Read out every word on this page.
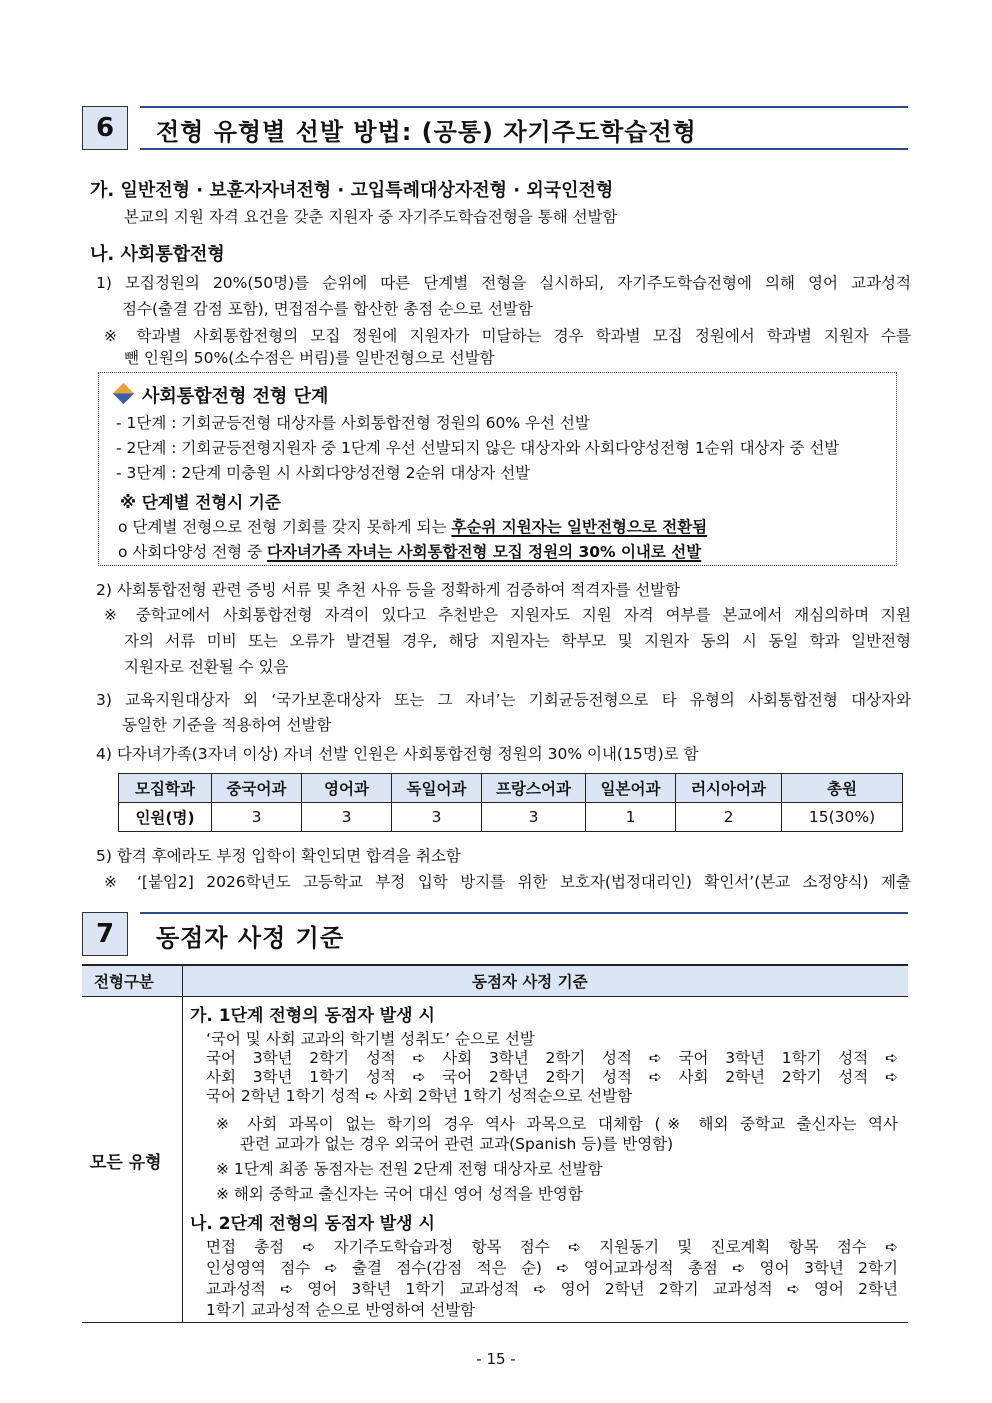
6	전형 유형별 선발 방법: (공통) 자기주도학습전형
가. 일반전형 · 보훈자자녀전형 · 고입특례대상자전형 · 외국인전형
본교의 지원 자격 요건을 갖춘 지원자 중 자기주도학습전형을 통해 선발함
나. 사회통합전형
1) 모집정원의 20%(50명)를 순위에 따른 단계별 전형을 실시하되, 자기주도학습전형에 의해 영어 교과성적
점수(출결 감점 포함), 면접점수를 합산한 총점 순으로 선발함
※ 학과별 사회통합전형의 모집 정원에 지원자가 미달하는 경우 학과별 모집 정원에서 학과별 지원자 수를
뺀 인원의 50%(소수점은 버림)를 일반전형으로 선발함
사회통합전형 전형 단계
- 1단계 : 기회균등전형 대상자를 사회통합전형 정원의 60% 우선 선발
- 2단계 : 기회균등전형지원자 중 1단계 우선 선발되지 않은 대상자와 사회다양성전형 1순위 대상자 중 선발
- 3단계 : 2단계 미충원 시 사회다양성전형 2순위 대상자 선발
※ 단계별 전형시 기준
o 단계별 전형으로 전형 기회를 갖지 못하게 되는 후순위 지원자는 일반전형으로 전환됨
o 사회다양성 전형 중 다자녀가족 자녀는 사회통합전형 모집 정원의 30% 이내로 선발
2) 사회통합전형 관련 증빙 서류 및 추천 사유 등을 정확하게 검증하여 적격자를 선발함
※ 중학교에서 사회통합전형 자격이 있다고 추천받은 지원자도 지원 자격 여부를 본교에서 재심의하며 지원
자의 서류 미비 또는 오류가 발견될 경우, 해당 지원자는 학부모 및 지원자 동의 시 동일 학과 일반전형
지원자로 전환될 수 있음
3) 교육지원대상자 외 ‘국가보훈대상자 또는 그 자녀’는 기회균등전형으로 타 유형의 사회통합전형 대상자와
동일한 기준을 적용하여 선발함
4) 다자녀가족(3자녀 이상) 자녀 선발 인원은 사회통합전형 정원의 30% 이내(15명)로 함
모집학과	중국어과	영어과	독일어과	프랑스어과	일본어과	러시아어과	총원
인원(명)	3	3	3	3	1	2	15(30%)
5) 합격 후에라도 부정 입학이 확인되면 합격을 취소함
※ ‘[붙임2] 2026학년도 고등학교 부정 입학 방지를 위한 보호자(법정대리인) 확인서’(본교 소정양식) 제출
7	동점자 사정 기준
전형구분	동점자 사정 기준
모든 유형
가. 1단계 전형의 동점자 발생 시
‘국어 및 사회 교과의 학기별 성취도’ 순으로 선발
국어 3학년 2학기 성적 ➪ 사회 3학년 2학기 성적 ➪ 국어 3학년 1학기 성적 ➪
사회 3학년 1학기 성적 ➪ 국어 2학년 2학기 성적 ➪ 사회 2학년 2학기 성적 ➪
국어 2학년 1학기 성적 ➪ 사회 2학년 1학기 성적순으로 선발함
※ 사회 과목이 없는 학기의 경우 역사 과목으로 대체함 (※ 해외 중학교 출신자는 역사
관련 교과가 없는 경우 외국어 관련 교과(Spanish 등)를 반영함)
※ 1단계 최종 동점자는 전원 2단계 전형 대상자로 선발함
※ 해외 중학교 출신자는 국어 대신 영어 성적을 반영함
나. 2단계 전형의 동점자 발생 시
면접 총점 ➪ 자기주도학습과정 항목 점수 ➪ 지원동기 및 진로계획 항목 점수 ➪
인성영역 점수 ➪ 출결 점수(감점 적은 순) ➪ 영어교과성적 총점 ➪ 영어 3학년 2학기
교과성적 ➪ 영어 3학년 1학기 교과성적 ➪ 영어 2학년 2학기 교과성적 ➪ 영어 2학년
1학기 교과성적 순으로 반영하여 선발함
- 15 -
